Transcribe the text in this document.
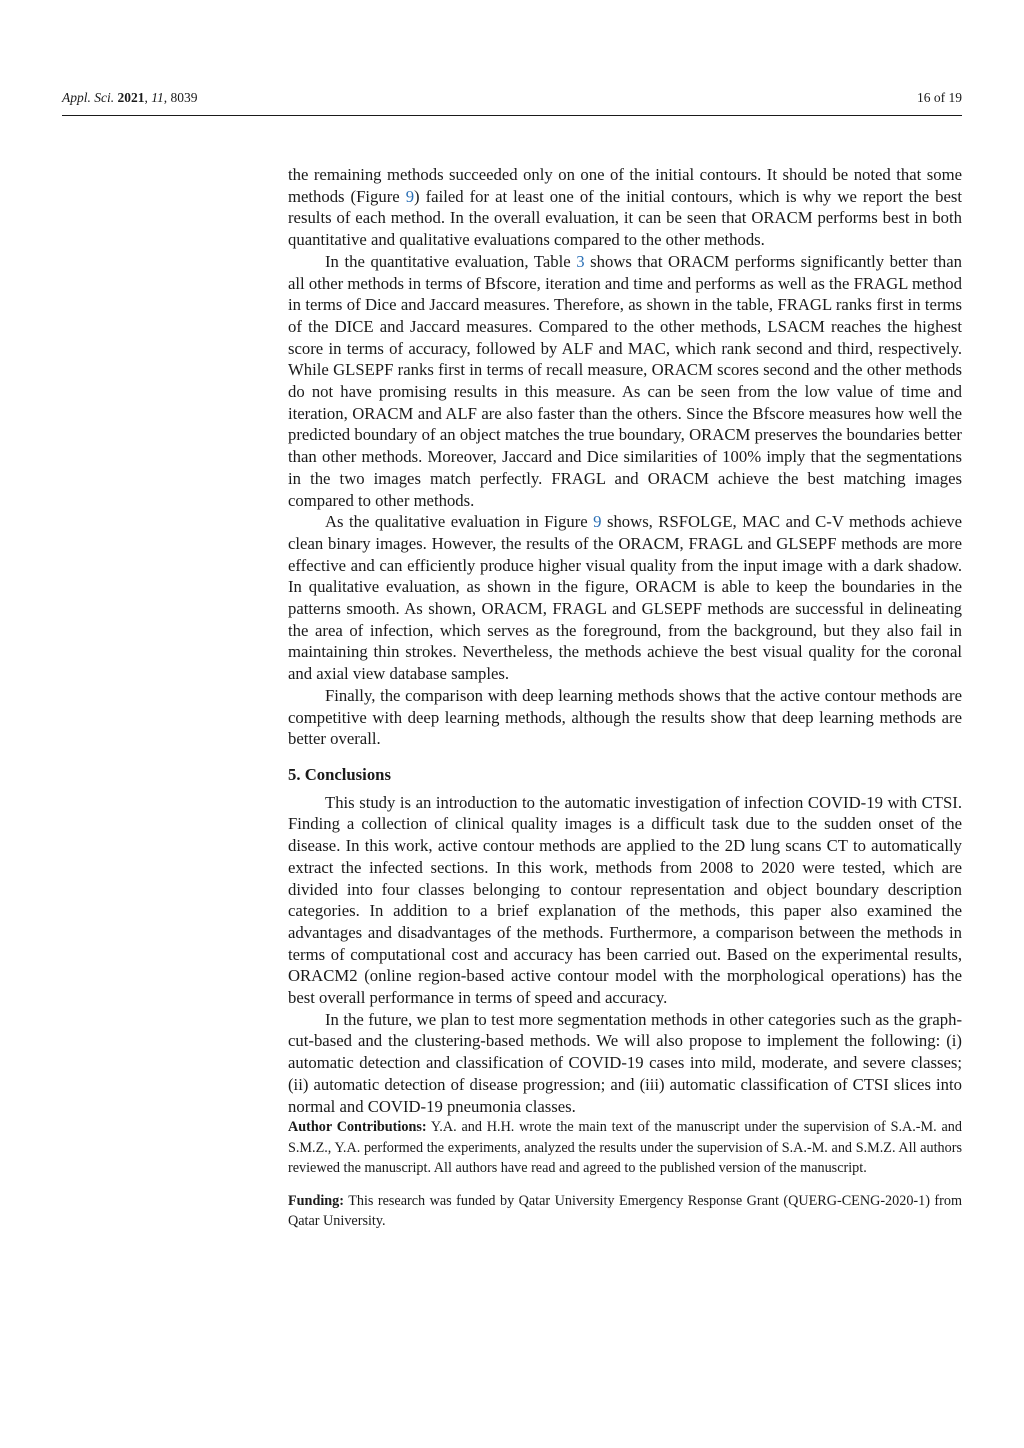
Appl. Sci. 2021, 11, 8039	16 of 19

the remaining methods succeeded only on one of the initial contours. It should be noted that some methods (Figure 9) failed for at least one of the initial contours, which is why we report the best results of each method. In the overall evaluation, it can be seen that ORACM performs best in both quantitative and qualitative evaluations compared to the other methods.

In the quantitative evaluation, Table 3 shows that ORACM performs significantly better than all other methods in terms of Bfscore, iteration and time and performs as well as the FRAGL method in terms of Dice and Jaccard measures. Therefore, as shown in the table, FRAGL ranks first in terms of the DICE and Jaccard measures. Compared to the other methods, LSACM reaches the highest score in terms of accuracy, followed by ALF and MAC, which rank second and third, respectively. While GLSEPF ranks first in terms of recall measure, ORACM scores second and the other methods do not have promising results in this measure. As can be seen from the low value of time and iteration, ORACM and ALF are also faster than the others. Since the Bfscore measures how well the predicted boundary of an object matches the true boundary, ORACM preserves the boundaries better than other methods. Moreover, Jaccard and Dice similarities of 100% imply that the segmentations in the two images match perfectly. FRAGL and ORACM achieve the best matching images compared to other methods.

As the qualitative evaluation in Figure 9 shows, RSFOLGE, MAC and C-V methods achieve clean binary images. However, the results of the ORACM, FRAGL and GLSEPF methods are more effective and can efficiently produce higher visual quality from the input image with a dark shadow. In qualitative evaluation, as shown in the figure, ORACM is able to keep the boundaries in the patterns smooth. As shown, ORACM, FRAGL and GLSEPF methods are successful in delineating the area of infection, which serves as the foreground, from the background, but they also fail in maintaining thin strokes. Nevertheless, the methods achieve the best visual quality for the coronal and axial view database samples.

Finally, the comparison with deep learning methods shows that the active contour methods are competitive with deep learning methods, although the results show that deep learning methods are better overall.

5. Conclusions

This study is an introduction to the automatic investigation of infection COVID-19 with CTSI. Finding a collection of clinical quality images is a difficult task due to the sudden onset of the disease. In this work, active contour methods are applied to the 2D lung scans CT to automatically extract the infected sections. In this work, methods from 2008 to 2020 were tested, which are divided into four classes belonging to contour representation and object boundary description categories. In addition to a brief explanation of the methods, this paper also examined the advantages and disadvantages of the methods. Furthermore, a comparison between the methods in terms of computational cost and accuracy has been carried out. Based on the experimental results, ORACM2 (online region-based active contour model with the morphological operations) has the best overall performance in terms of speed and accuracy.

In the future, we plan to test more segmentation methods in other categories such as the graph-cut-based and the clustering-based methods. We will also propose to implement the following: (i) automatic detection and classification of COVID-19 cases into mild, moderate, and severe classes; (ii) automatic detection of disease progression; and (iii) automatic classification of CTSI slices into normal and COVID-19 pneumonia classes.

Author Contributions: Y.A. and H.H. wrote the main text of the manuscript under the supervision of S.A.-M. and S.M.Z., Y.A. performed the experiments, analyzed the results under the supervision of S.A.-M. and S.M.Z. All authors reviewed the manuscript. All authors have read and agreed to the published version of the manuscript.

Funding: This research was funded by Qatar University Emergency Response Grant (QUERG-CENG-2020-1) from Qatar University.
